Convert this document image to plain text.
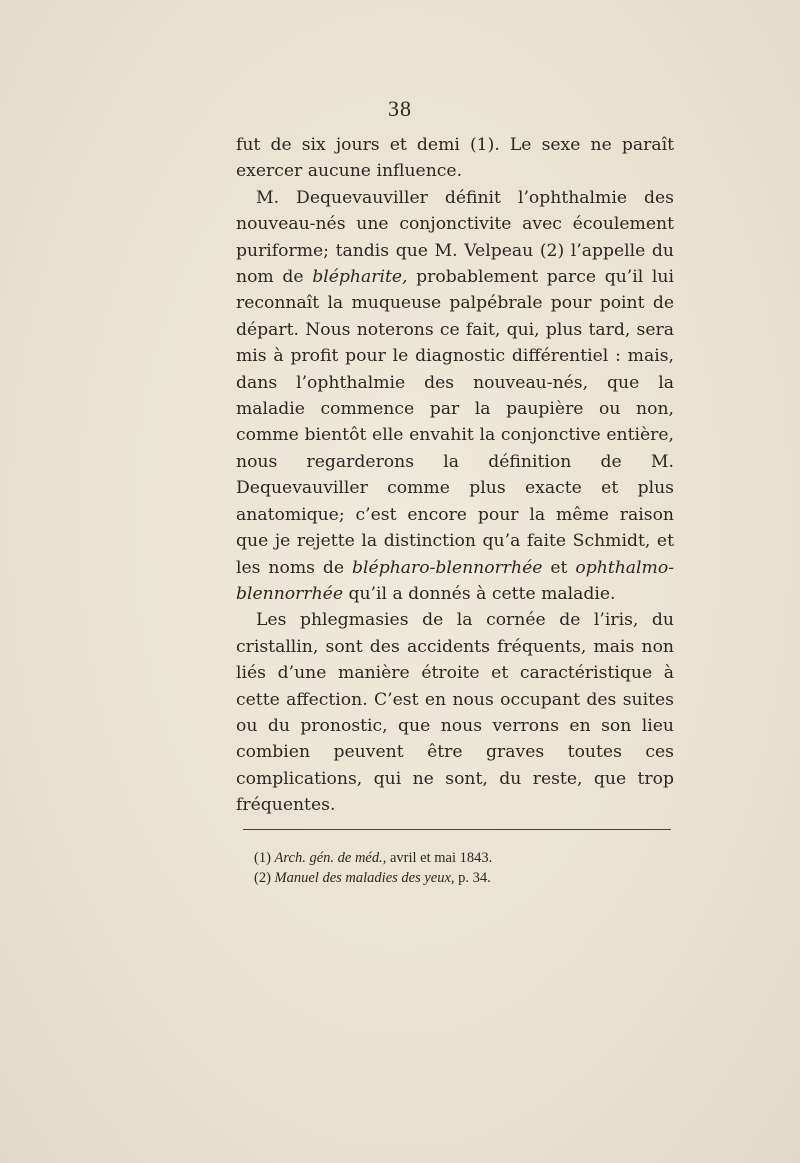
38

fut de six jours et demi (1). Le sexe ne paraît exercer aucune influence.

M. Dequevauviller définit l’ophthalmie des nouveau-nés une conjonctivite avec écoulement puriforme; tandis que M. Velpeau (2) l’appelle du nom de blépharite, probablement parce qu’il lui reconnaît la muqueuse palpébrale pour point de départ. Nous noterons ce fait, qui, plus tard, sera mis à profit pour le diagnostic différentiel : mais, dans l’ophthalmie des nouveau-nés, que la maladie commence par la paupière ou non, comme bientôt elle envahit la conjonctive entière, nous regarderons la définition de M. Dequevauviller comme plus exacte et plus anatomique; c’est encore pour la même raison que je rejette la distinction qu’a faite Schmidt, et les noms de blépharo-blennorrhée et ophthalmo-blennorrhée qu’il a donnés à cette maladie.

Les phlegmasies de la cornée de l’iris, du cristallin, sont des accidents fréquents, mais non liés d’une manière étroite et caractéristique à cette affection. C’est en nous occupant des suites ou du pronostic, que nous verrons en son lieu combien peuvent être graves toutes ces complications, qui ne sont, du reste, que trop fréquentes.

(1) Arch. gén. de méd., avril et mai 1843.

(2) Manuel des maladies des yeux, p. 34.
